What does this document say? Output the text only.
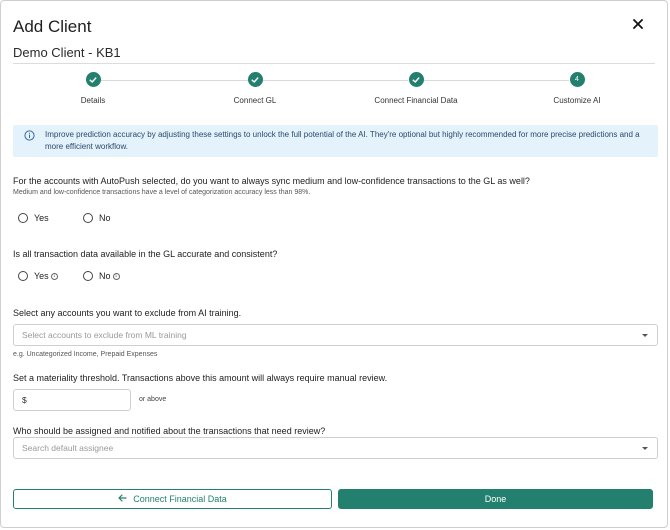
Add Client
Demo Client - KB1
Details	Connect GL	Connect Financial Data
4
Customize AI
Improve prediction accuracy by adjusting these settings to unlock the full potential of the AI. They're optional but highly recommended for more precise predictions and a more efficient workflow.
For the accounts with AutoPush selected, do you want to always sync medium and low-confidence transactions to the GL as well?
Medium and low-confidence transactions have a level of categorization accuracy less than 98%.
Yes	No
Is all transaction data available in the GL accurate and consistent?
Yes i	No i
Select any accounts you want to exclude from AI training.
Select accounts to exclude from ML training
e.g. Uncategorized Income, Prepaid Expenses
Set a materiality threshold. Transactions above this amount will always require manual review.
$	or above
Who should be assigned and notified about the transactions that need review?
Search default assignee
Connect Financial Data	Done
